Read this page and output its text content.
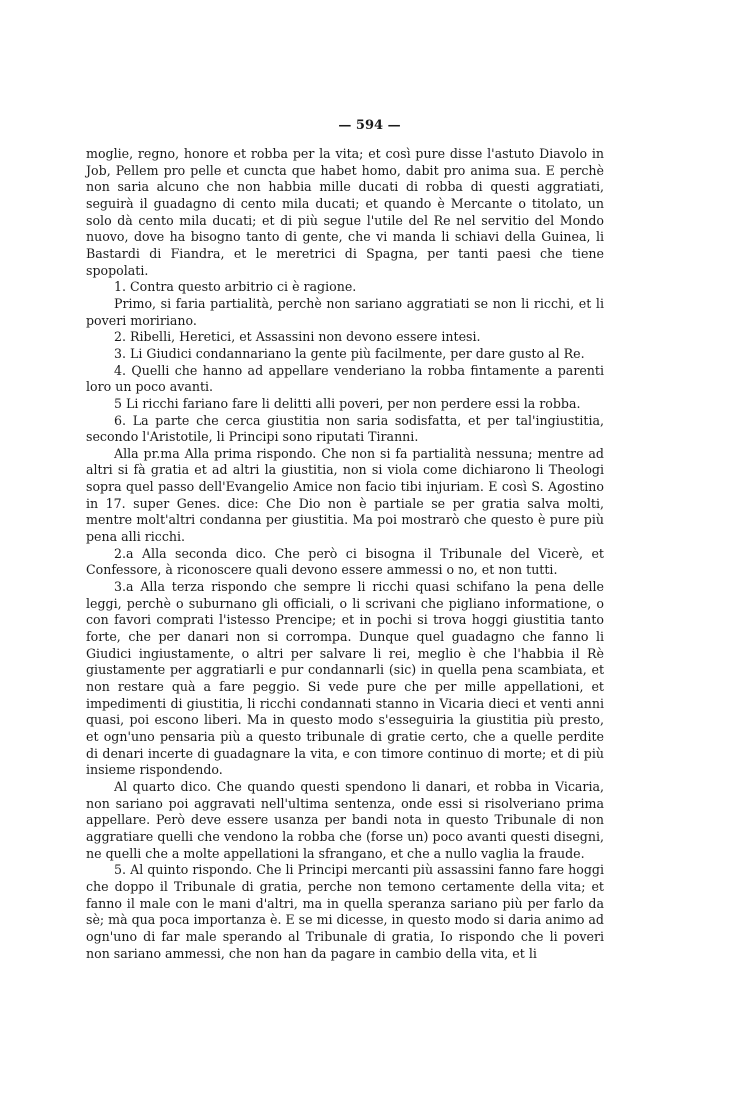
— 594 —

moglie, regno, honore et robba per la vita; et così pure disse l'astuto Diavolo in Job, Pellem pro pelle et cuncta que habet homo, dabit pro anima sua. E perchè non saria alcuno che non habbia mille ducati di robba di questi aggratiati, seguirà il guadagno di cento mila ducati; et quando è Mercante o titolato, un solo dà cento mila ducati; et di più segue l'utile del Re nel servitio del Mondo nuovo, dove ha bisogno tanto di gente, che vi manda li schiavi della Guinea, li Bastardi di Fiandra, et le meretrici di Spagna, per tanti paesi che tiene spopolati.

1. Contra questo arbitrio ci è ragione.

Primo, si faria partialità, perchè non sariano aggratiati se non li ricchi, et li poveri moririano.

2. Ribelli, Heretici, et Assassini non devono essere intesi.

3. Li Giudici condannariano la gente più facilmente, per dare gusto al Re.

4. Quelli che hanno ad appellare venderiano la robba fintamente a parenti loro un poco avanti.

5 Li ricchi fariano fare li delitti alli poveri, per non perdere essi la robba.

6. La parte che cerca giustitia non saria sodisfatta, et per tal'ingiustitia, secondo l'Aristotile, li Principi sono riputati Tiranni.

Alla pr.ma Alla prima rispondo. Che non si fa partialità nessuna; mentre ad altri si fà gratia et ad altri la giustitia, non si viola come dichiarono li Theologi sopra quel passo dell'Evangelio Amice non facio tibi injuriam. E così S. Agostino in 17. super Genes. dice: Che Dio non è partiale se per gratia salva molti, mentre molt'altri condanna per giustitia. Ma poi mostrarò che questo è pure più pena alli ricchi.

2.a Alla seconda dico. Che però ci bisogna il Tribunale del Vicerè, et Confessore, à riconoscere quali devono essere ammessi o no, et non tutti.

3.a Alla terza rispondo che sempre li ricchi quasi schifano la pena delle leggi, perchè o suburnano gli officiali, o li scrivani che pigliano informatione, o con favori comprati l'istesso Prencipe; et in pochi si trova hoggi giustitia tanto forte, che per danari non si corrompa. Dunque quel guadagno che fanno li Giudici ingiustamente, o altri per salvare li rei, meglio è che l'habbia il Rè giustamente per aggratiarli e pur condannarli (sic) in quella pena scambiata, et non restare quà a fare peggio. Si vede pure che per mille appellationi, et impedimenti di giustitia, li ricchi condannati stanno in Vicaria dieci et venti anni quasi, poi escono liberi. Ma in questo modo s'esseguiria la giustitia più presto, et ogn'uno pensaria più a questo tribunale di gratie certo, che a quelle perdite di denari incerte di guadagnare la vita, e con timore continuo di morte; et di più insieme rispondendo.

Al quarto dico. Che quando questi spendono li danari, et robba in Vicaria, non sariano poi aggravati nell'ultima sentenza, onde essi si risolveriano prima appellare. Però deve essere usanza per bandi nota in questo Tribunale di non aggratiare quelli che vendono la robba che (forse un) poco avanti questi disegni, ne quelli che a molte appellationi la sfrangano, et che a nullo vaglia la fraude.

5. Al quinto rispondo. Che li Principi mercanti più assassini fanno fare hoggi che doppo il Tribunale di gratia, perche non temono certamente della vita; et fanno il male con le mani d'altri, ma in quella speranza sariano più per farlo da sè; mà qua poca importanza è. E se mi dicesse, in questo modo si daria animo ad ogn'uno di far male sperando al Tribunale di gratia, Io rispondo che li poveri non sariano ammessi, che non han da pagare in cambio della vita, et li
